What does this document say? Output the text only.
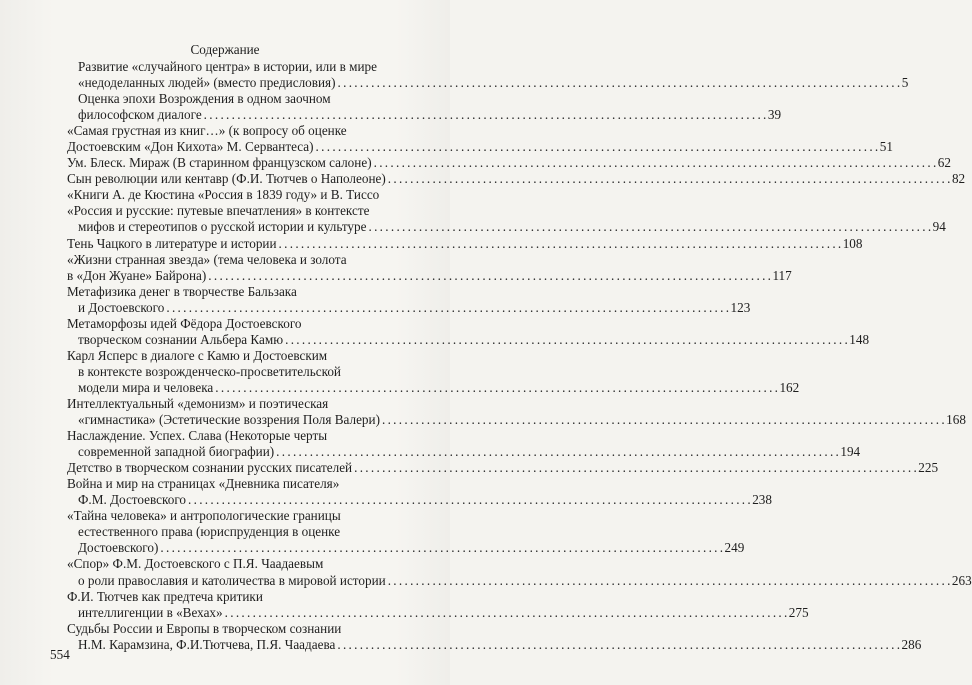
Содержание
Развитие «случайного центра» в истории, или в мире
«недоделанных людей» (вместо предисловия) . . .	5
Оценка эпохи Возрождения в одном заочном
философском диалоге . . .	39
«Самая грустная из книг…» (к вопросу об оценке
Достоевским «Дон Кихота» М. Сервантеса) . . .	51
Ум. Блеск. Мираж (В старинном французском салоне) . . .	62
Сын революции или кентавр (Ф.И. Тютчев о Наполеоне) . . .	82
«Книги А. де Кюстина «Россия в 1839 году» и В. Тиссо
«Россия и русские: путевые впечатления» в контексте
мифов и стереотипов о русской истории и культуре . . .	94
Тень Чацкого в литературе и истории . . .	108
«Жизни странная звезда» (тема человека и золота
в «Дон Жуане» Байрона) . . .	117
Метафизика денег в творчестве Бальзака
и Достоевского . . .	123
Метаморфозы идей Фёдора Достоевского
творческом сознании Альбера Камю . . .	148
Карл Ясперс в диалоге с Камю и Достоевским
в контексте возрожденческо-просветительской
модели мира и человека . . .	162
Интеллектуальный «демонизм» и поэтическая
«гимнастика» (Эстетические воззрения Поля Валери) . . .	168
Наслаждение. Успех. Слава (Некоторые черты
современной западной биографии) . . .	194
Детство в творческом сознании русских писателей . . .	225
Война и мир на страницах «Дневника писателя»
Ф.М. Достоевского . . .	238
«Тайна человека» и антропологические границы
естественного права (юриспруденция в оценке
Достоевского) . . .	249
«Спор» Ф.М. Достоевского с П.Я. Чаадаевым
о роли православия и католичества в мировой истории . . .	263
Ф.И. Тютчев как предтеча критики
интеллигенции в «Вехах» . . .	275
Судьбы России и Европы в творческом сознании
Н.М. Карамзина, Ф.И.Тютчева, П.Я. Чаадаева . . .	286
554
